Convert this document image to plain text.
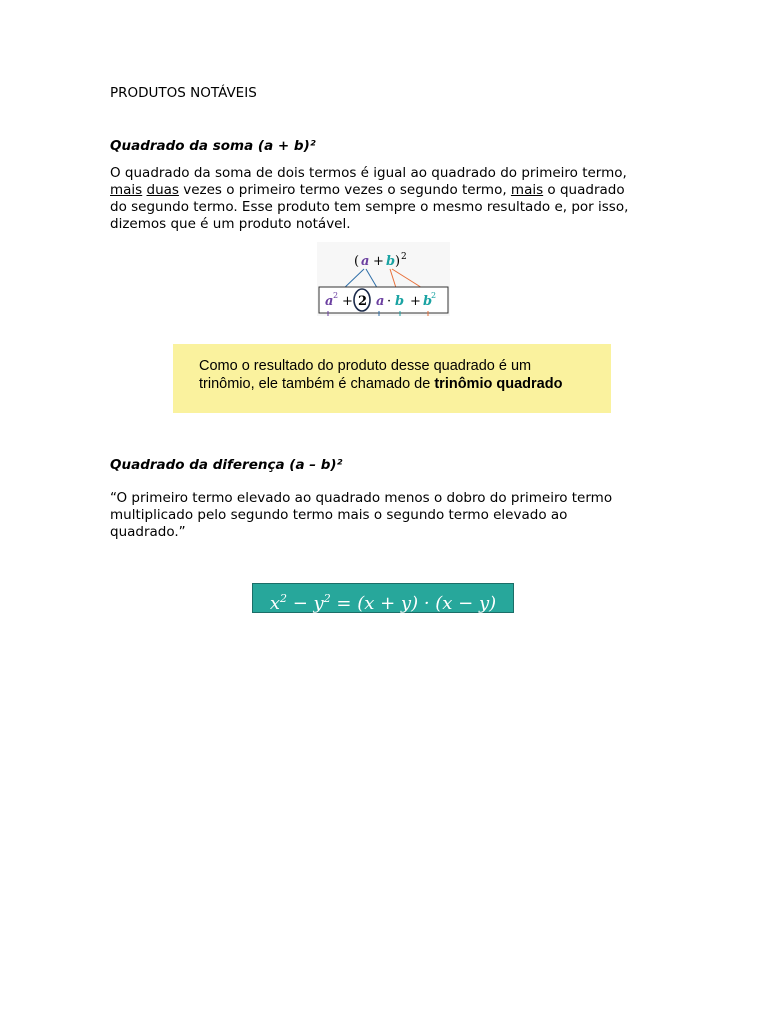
PRODUTOS NOTÁVEIS
Quadrado da soma (a + b)²
O quadrado da soma de dois termos é igual ao quadrado do primeiro termo,
mais duas vezes o primeiro termo vezes o segundo termo, mais o quadrado
do segundo termo. Esse produto tem sempre o mesmo resultado e, por isso,
dizemos que é um produto notável.
( a + b ) 2
a 2 + 2 a · b + b
2
Como o resultado do produto desse quadrado é um
trinômio, ele também é chamado de trinômio quadrado
Quadrado da diferença (a – b)²
“O primeiro termo elevado ao quadrado menos o dobro do primeiro termo
multiplicado pelo segundo termo mais o segundo termo elevado ao
quadrado.”
$x^2 - y^2 = (x + y) \cdot (x - y)$
